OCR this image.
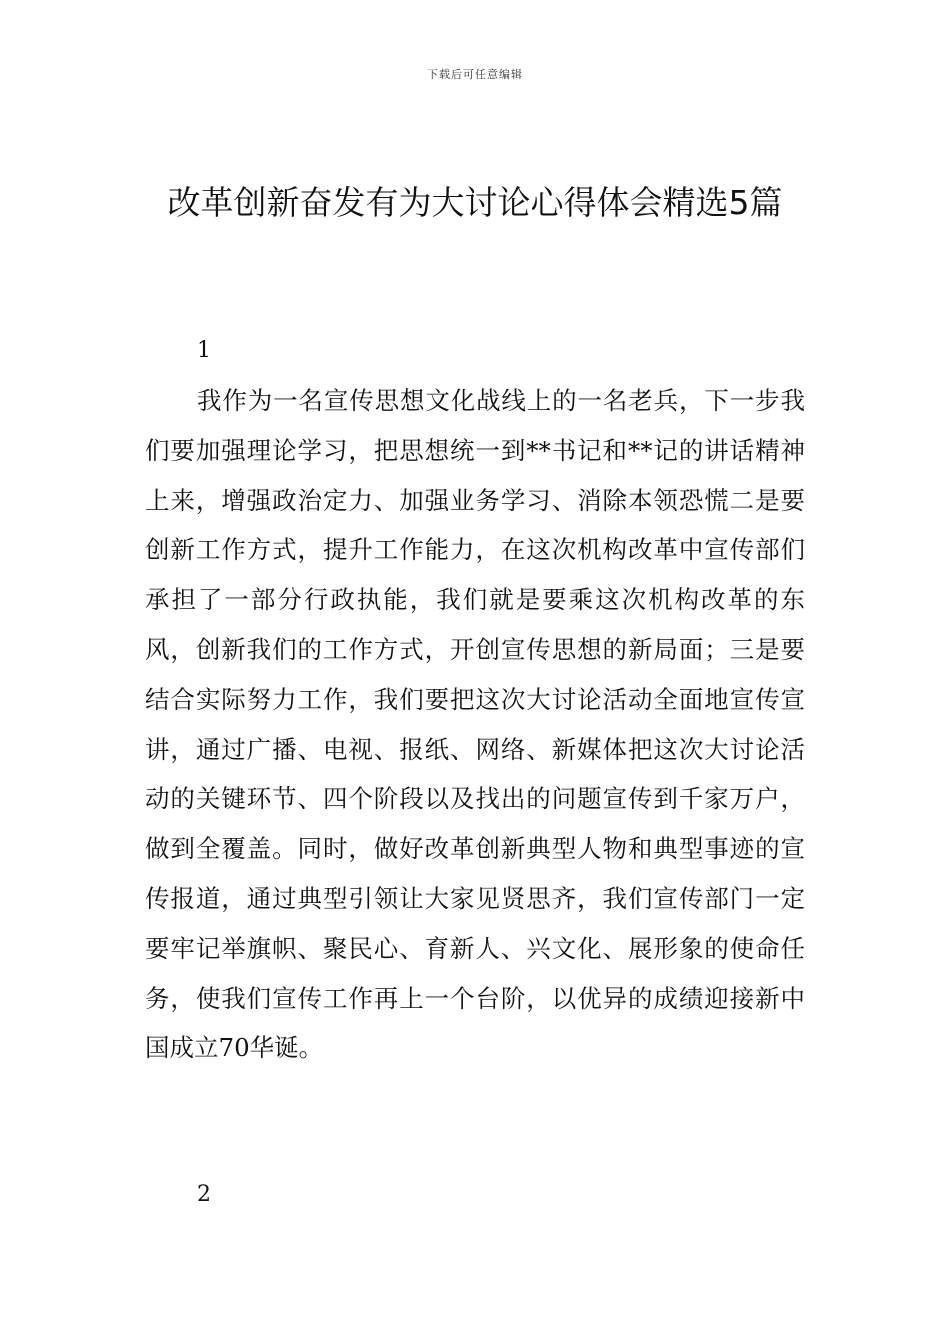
下载后可任意编辑
改革创新奋发有为大讨论心得体会精选5篇
1

我作为一名宣传思想文化战线上的一名老兵，下一步我们要加强理论学习，把思想统一到**书记和**记的讲话精神上来，增强政治定力、加强业务学习、消除本领恐慌二是要创新工作方式，提升工作能力，在这次机构改革中宣传部们承担了一部分行政执能，我们就是要乘这次机构改革的东风，创新我们的工作方式，开创宣传思想的新局面；三是要结合实际努力工作，我们要把这次大讨论活动全面地宣传宣讲，通过广播、电视、报纸、网络、新媒体把这次大讨论活动的关键环节、四个阶段以及找出的问题宣传到千家万户，做到全覆盖。同时，做好改革创新典型人物和典型事迹的宣传报道，通过典型引领让大家见贤思齐，我们宣传部门一定要牢记举旗帜、聚民心、育新人、兴文化、展形象的使命任务，使我们宣传工作再上一个台阶，以优异的成绩迎接新中国成立70华诞。

2
